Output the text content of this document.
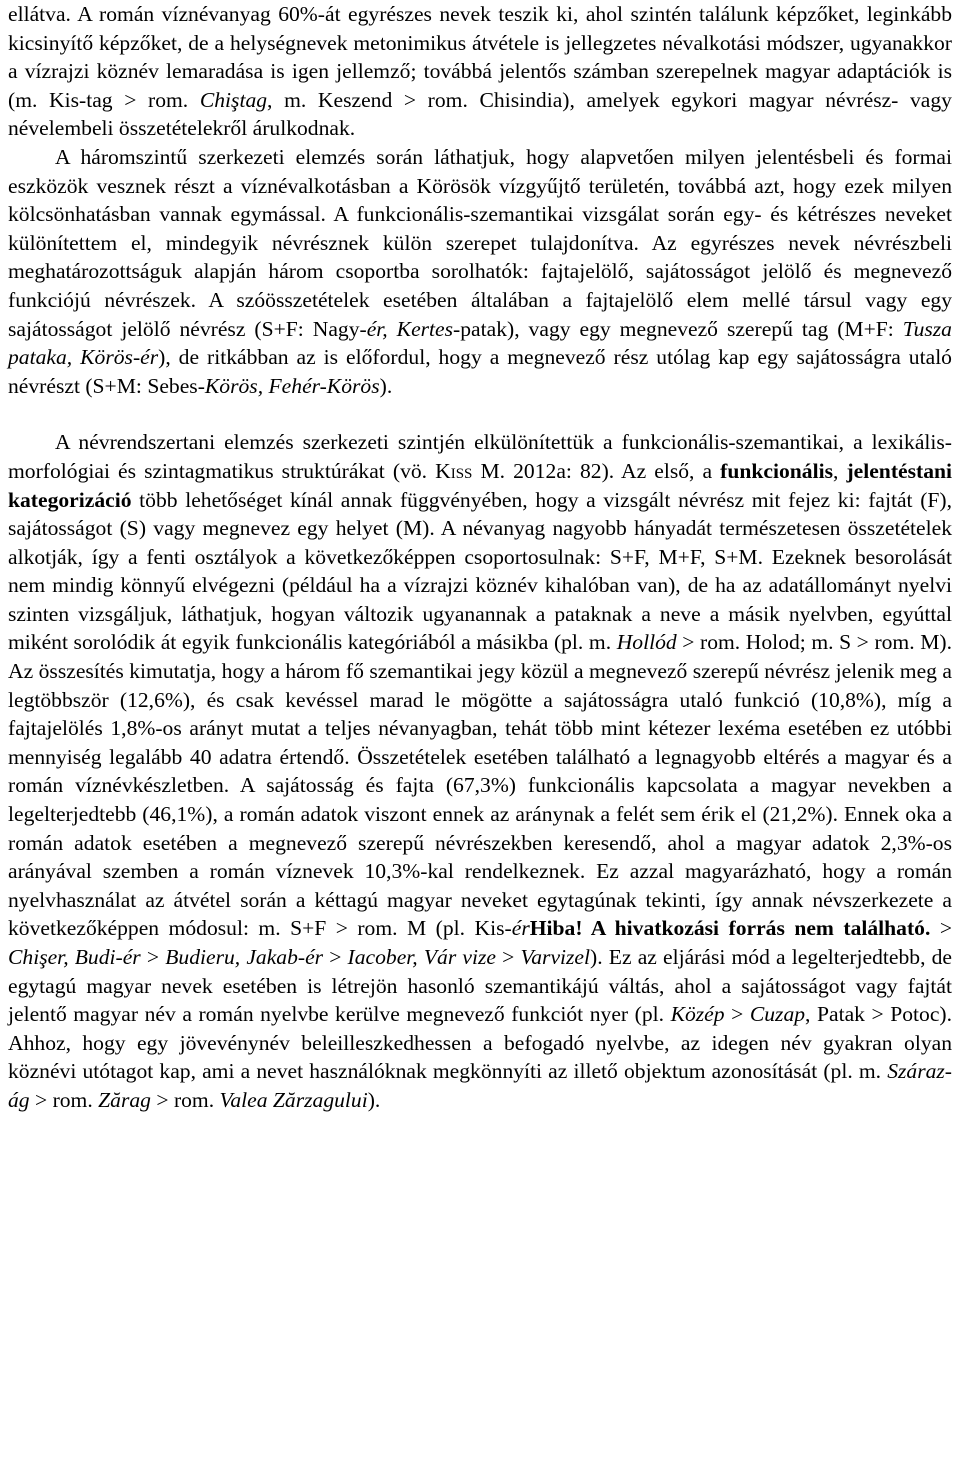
ellátva. A román víznévanyag 60%-át egyrészes nevek teszik ki, ahol szintén találunk képzőket, leginkább kicsinyítő képzőket, de a helységnevek metonimikus átvétele is jellegzetes névalkotási módszer, ugyanakkor a vízrajzi köznév lemaradása is igen jellemző; továbbá jelentős számban szerepelnek magyar adaptációk is (m. Kis-tag > rom. Chiştag, m. Keszend > rom. Chisindia), amelyek egykori magyar névrész- vagy névelembeli összetételekről árulkodnak.

A háromszintű szerkezeti elemzés során láthatjuk, hogy alapvetően milyen jelentésbeli és formai eszközök vesznek részt a víznévalkotásban a Körösök vízgyűjtő területén, továbbá azt, hogy ezek milyen kölcsönhatásban vannak egymással. A funkcionális-szemantikai vizsgálat során egy- és kétrészes neveket különítettem el, mindegyik névrésznek külön szerepet tulajdonítva. Az egyrészes nevek névrészbeli meghatározottságuk alapján három csoportba sorolhatók: fajtajelölő, sajátosságot jelölő és megnevező funkciójú névrészek. A szóösszetételek esetében általában a fajtajelölő elem mellé társul vagy egy sajátosságot jelölő névrész (S+F: Nagy-ér, Kertes-patak), vagy egy megnevező szerepű tag (M+F: Tusza pataka, Körös-ér), de ritkábban az is előfordul, hogy a megnevező rész utólag kap egy sajátosságra utaló névrészt (S+M: Sebes-Körös, Fehér-Körös).

A névrendszertani elemzés szerkezeti szintjén elkülönítettük a funkcionális-szemantikai, a lexikális-morfológiai és szintagmatikus struktúrákat (vö. Kiss M. 2012a: 82). Az első, a funkcionális, jelentéstani kategorizáció több lehetőséget kínál annak függvényében, hogy a vizsgált névrész mit fejez ki: fajtát (F), sajátosságot (S) vagy megnevez egy helyet (M). A névanyag nagyobb hányadát természetesen összetételek alkotják, így a fenti osztályok a következőképpen csoportosulnak: S+F, M+F, S+M. Ezeknek besorolását nem mindig könnyű elvégezni (például ha a vízrajzi köznév kihalóban van), de ha az adatállományt nyelvi szinten vizsgáljuk, láthatjuk, hogyan változik ugyanannak a pataknak a neve a másik nyelvben, egyúttal miként sorolódik át egyik funkcionális kategóriából a másikba (pl. m. Hollód > rom. Holod; m. S > rom. M). Az összesítés kimutatja, hogy a három fő szemantikai jegy közül a megnevező szerepű névrész jelenik meg a legtöbbször (12,6%), és csak kevéssel marad le mögötte a sajátosságra utaló funkció (10,8%), míg a fajtajelölés 1,8%-os arányt mutat a teljes névanyagban, tehát több mint kétezer lexéma esetében ez utóbbi mennyiség legalább 40 adatra értendő. Összetételek esetében található a legnagyobb eltérés a magyar és a román víznévkészletben. A sajátosság és fajta (67,3%) funkcionális kapcsolata a magyar nevekben a legelterjedtebb (46,1%), a román adatok viszont ennek az aránynak a felét sem érik el (21,2%). Ennek oka a román adatok esetében a megnevező szerepű névrészekben keresendő, ahol a magyar adatok 2,3%-os arányával szemben a román víznevek 10,3%-kal rendelkeznek. Ez azzal magyarázható, hogy a román nyelvhasználat az átvétel során a kéttagú magyar neveket egytagúnak tekinti, így annak névszerkezete a következőképpen módosul: m. S+F > rom. M (pl. Kis-érHiba! A hivatkozási forrás nem található. > Chişer, Budi-ér > Budieru, Jakab-ér > Iacober, Vár vize > Varvizel). Ez az eljárási mód a legelterjedtebb, de egytagú magyar nevek esetében is létrejön hasonló szemantikájú váltás, ahol a sajátosságot vagy fajtát jelentő magyar név a román nyelvbe kerülve megnevező funkciót nyer (pl. Közép > Cuzap, Patak > Potoc). Ahhoz, hogy egy jövevénynév beleilleszkedhessen a befogadó nyelvbe, az idegen név gyakran olyan köznévi utótagot kap, ami a nevet használóknak megkönnyíti az illető objektum azonosítását (pl. m. Száraz-ág > rom. Zărag > rom. Valea Zărzagului).
